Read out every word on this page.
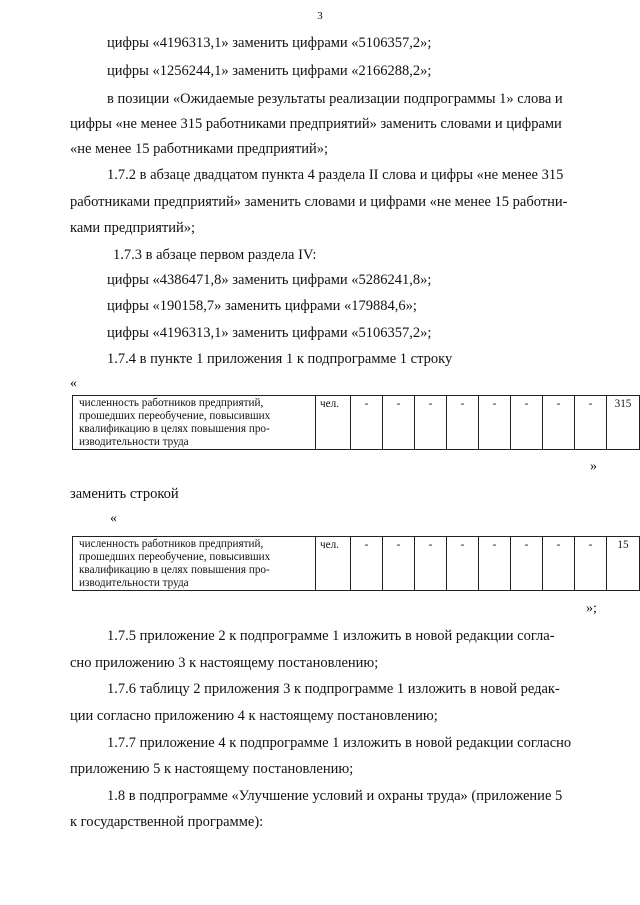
3
цифры «4196313,1» заменить цифрами «5106357,2»;
цифры «1256244,1» заменить цифрами «2166288,2»;
в позиции «Ожидаемые результаты реализации подпрограммы 1» слова и
цифры «не менее 315 работниками предприятий» заменить словами и цифрами
«не менее 15 работниками предприятий»;
1.7.2 в абзаце двадцатом пункта 4 раздела II слова и цифры «не менее 315
работниками предприятий» заменить словами и цифрами «не менее 15 работни-
ками предприятий»;
1.7.3 в абзаце первом раздела IV:
цифры «4386471,8» заменить цифрами «5286241,8»;
цифры «190158,7» заменить цифрами «179884,6»;
цифры «4196313,1» заменить цифрами «5106357,2»;
1.7.4 в пункте 1 приложения 1 к подпрограмме 1 строку
«
численность работников предприятий,
прошедших переобучение, повысивших
квалификацию в целях повышения про-
изводительности труда
	чел.	-	-	-	-	-	-	-	-	315
»
заменить строкой
«
численность работников предприятий,
прошедших переобучение, повысивших
квалификацию в целях повышения про-
изводительности труда
	чел.	-	-	-	-	-	-	-	-	15
»;
1.7.5 приложение 2 к подпрограмме 1 изложить в новой редакции согла-
сно приложению 3 к настоящему постановлению;
1.7.6 таблицу 2 приложения 3 к подпрограмме 1 изложить в новой редак-
ции согласно приложению 4 к настоящему постановлению;
1.7.7 приложение 4 к подпрограмме 1 изложить в новой редакции согласно
приложению 5 к настоящему постановлению;
1.8 в подпрограмме «Улучшение условий и охраны труда» (приложение 5
к государственной программе):
